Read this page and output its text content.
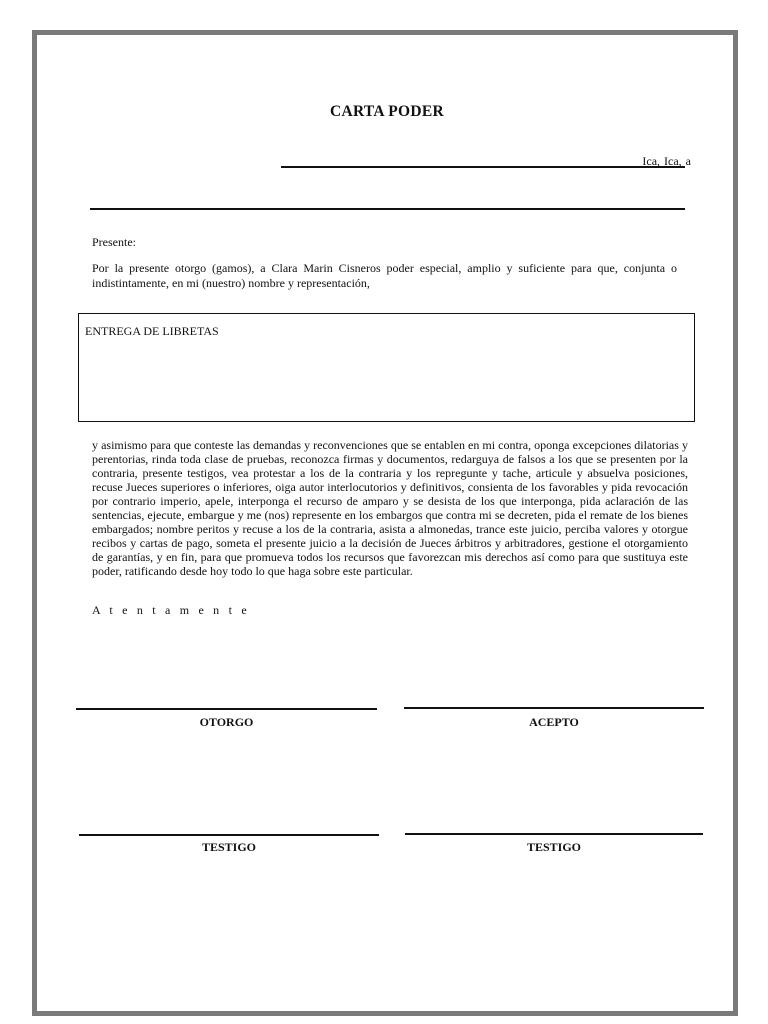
CARTA PODER
Ica, Ica, a
Presente:
Por la presente otorgo (gamos), a Clara Marin Cisneros poder especial, amplio y suficiente para que, conjunta o indistintamente, en mi (nuestro) nombre y representación,
ENTREGA DE LIBRETAS
y asimismo para que conteste las demandas y reconvenciones que se entablen en mi contra, oponga excepciones dilatorias y perentorias, rinda toda clase de pruebas, reconozca firmas y documentos, redarguya de falsos a los que se presenten por la contraria, presente testigos, vea protestar a los de la contraria y los repregunte y tache, articule y absuelva posiciones, recuse Jueces superiores o inferiores, oiga autor interlocutorios y definitivos, consienta de los favorables y pida revocación por contrario imperio, apele, interponga el recurso de amparo y se desista de los que interponga, pida aclaración de las sentencias, ejecute, embargue y me (nos) represente en los embargos que contra mi se decreten, pida el remate de los bienes embargados; nombre peritos y recuse a los de la contraria, asista a almonedas, trance este juicio, perciba valores y otorgue recibos y cartas de pago, someta el presente juicio a la decisión de Jueces árbitros y arbitradores, gestione el otorgamiento de garantías, y en fin, para que promueva todos los recursos que favorezcan mis derechos así como para que sustituya este poder, ratificando desde hoy todo lo que haga sobre este particular.
A t e n t a m e n t e
OTORGO	ACEPTO
TESTIGO	TESTIGO
